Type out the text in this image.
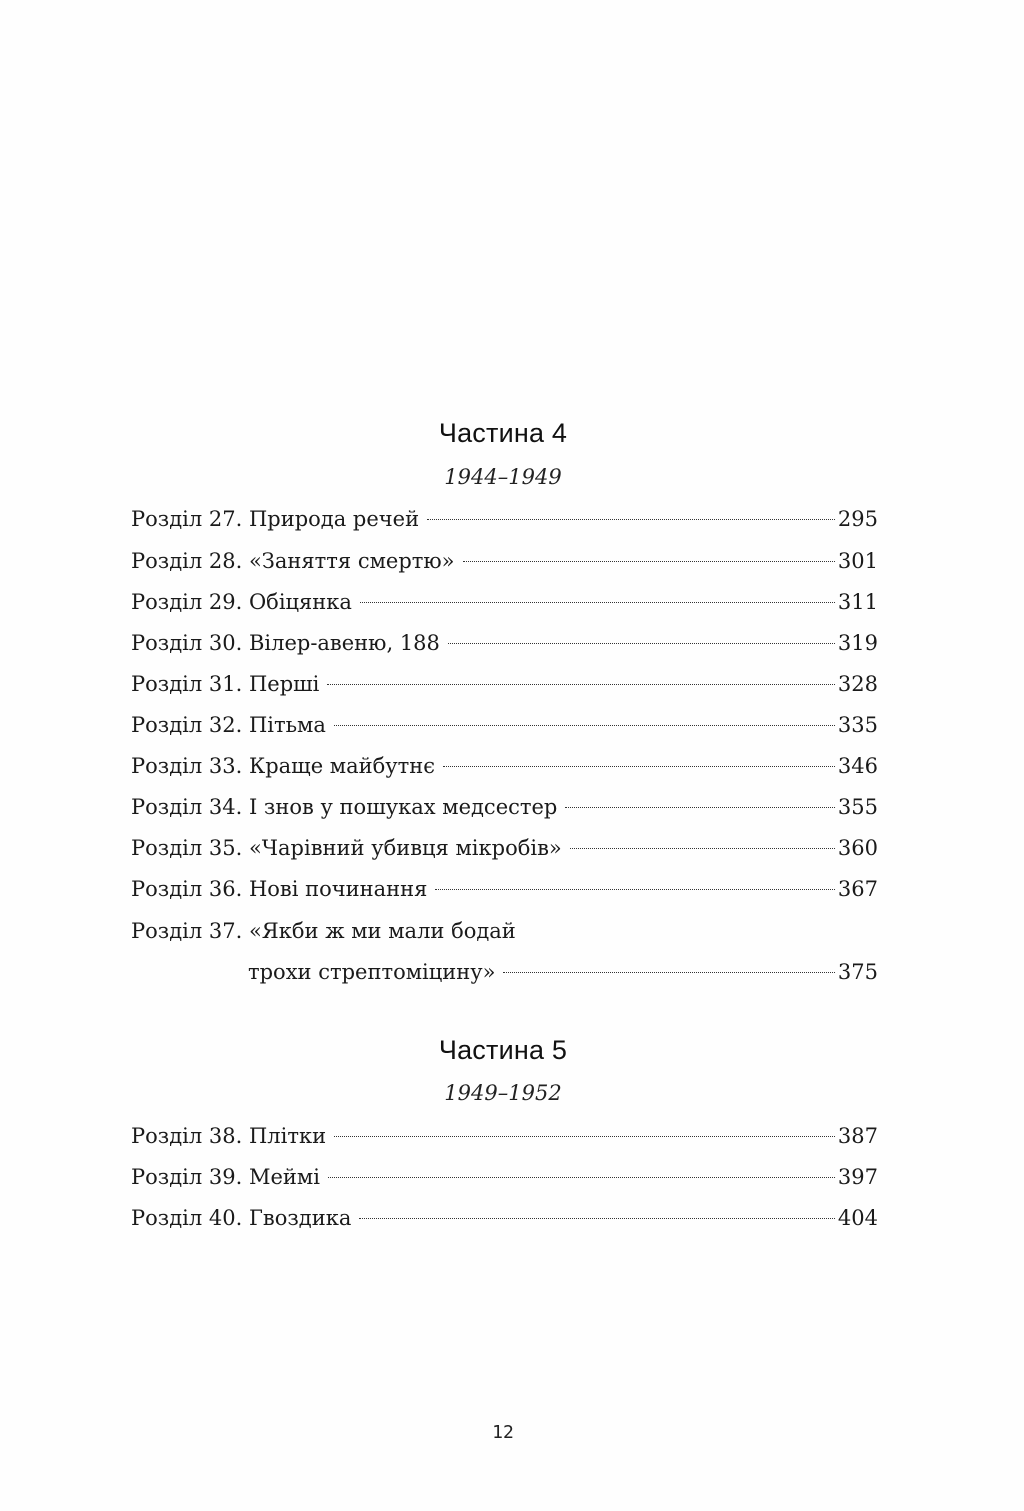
Частина 4
1944–1949
Розділ 27. Природа речей	295
Розділ 28. «Заняття смертю»	301
Розділ 29. Обіцянка	311
Розділ 30. Вілер-авеню, 188	319
Розділ 31. Перші	328
Розділ 32. Пітьма	335
Розділ 33. Краще майбутнє	346
Розділ 34. І знов у пошуках медсестер	355
Розділ 35. «Чарівний убивця мікробів»	360
Розділ 36. Нові починання	367
Розділ 37. «Якби ж ми мали бодай
трохи стрептоміцину»	375
Частина 5
1949–1952
Розділ 38. Плітки	387
Розділ 39. Меймі	397
Розділ 40. Гвоздика	404
12
